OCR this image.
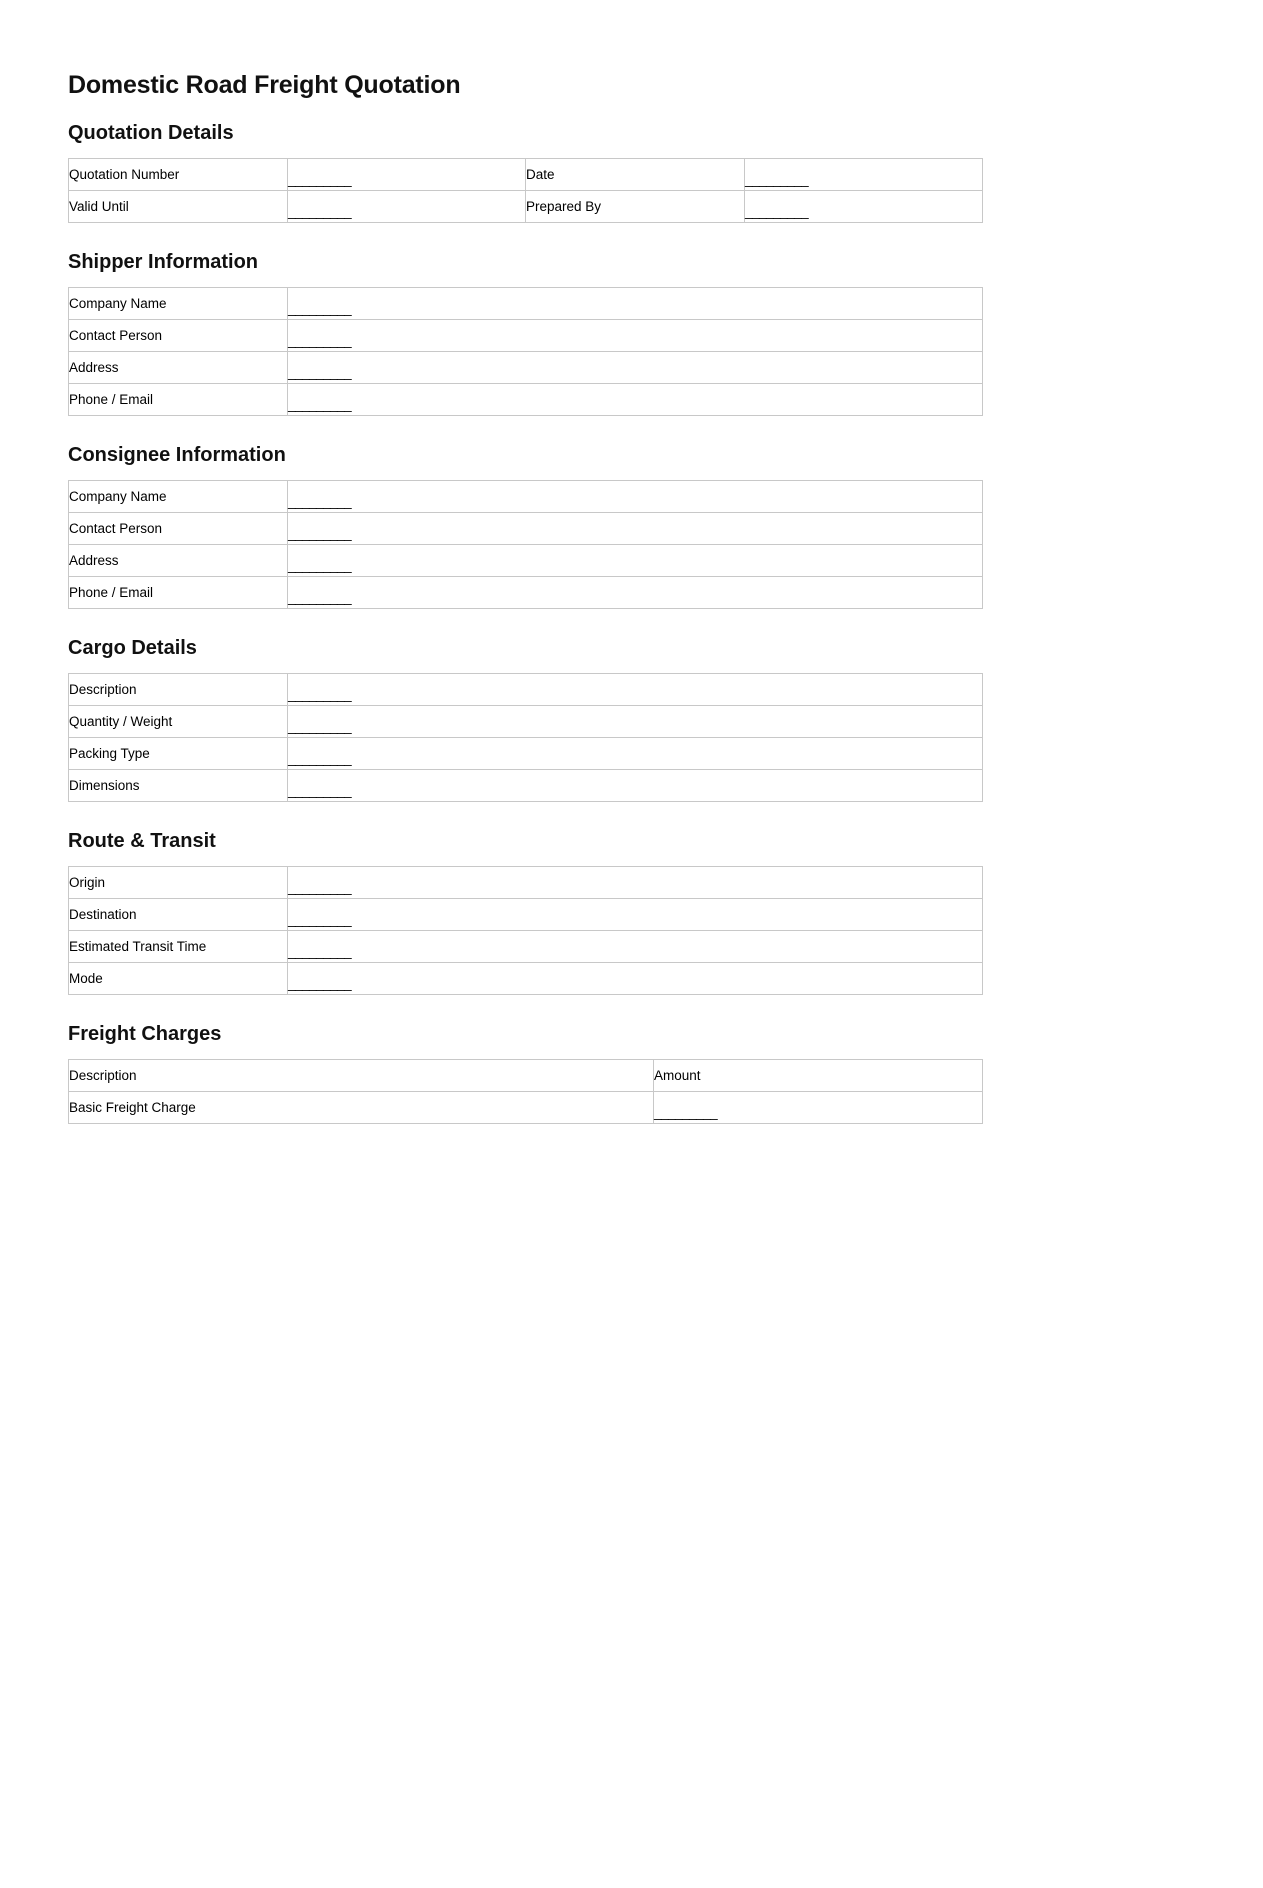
Domestic Road Freight Quotation
Quotation Details
Quotation Number	_________	Date	_________
Valid Until	_________	Prepared By	_________
Shipper Information
Company Name	_________
Contact Person	_________
Address	_________
Phone / Email	_________
Consignee Information
Company Name	_________
Contact Person	_________
Address	_________
Phone / Email	_________
Cargo Details
Description	_________
Quantity / Weight	_________
Packing Type	_________
Dimensions	_________
Route & Transit
Origin	_________
Destination	_________
Estimated Transit Time	_________
Mode	_________
Freight Charges
Description	Amount
Basic Freight Charge	_________
